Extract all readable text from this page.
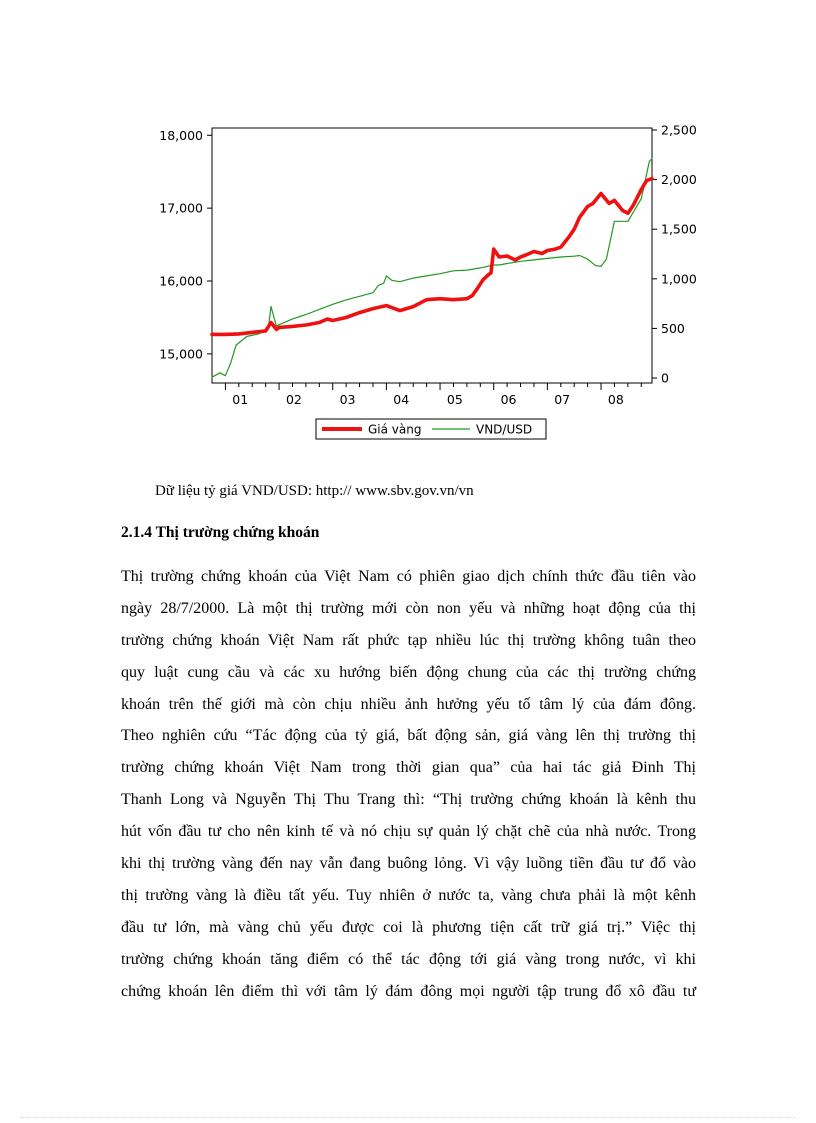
15,000
16,000
17,000
18,000
0
500
1,000
1,500
2,000
2,500
01	02	03	04	05	06	07	08
Giá vàng	VND/USD
Dữ liệu tỷ giá VND/USD: http:// www.sbv.gov.vn/vn
2.1.4 Thị trường chứng khoán
Thị trường chứng khoán của Việt Nam có phiên giao dịch chính thức đầu tiên vào
ngày 28/7/2000. Là một thị trường mới còn non yếu và những hoạt động của thị
trường chứng khoán Việt Nam rất phức tạp nhiều lúc thị trường không tuân theo
quy luật cung cầu và các xu hướng biến động chung của các thị trường chứng
khoán trên thế giới mà còn chịu nhiều ảnh hưởng yếu tố tâm lý của đám đông.
Theo nghiên cứu “Tác động của tỷ giá, bất động sản, giá vàng lên thị trường thị
trường chứng khoán Việt Nam trong thời gian qua” của hai tác giả Đinh Thị
Thanh Long và Nguyễn Thị Thu Trang thì: “Thị trường chứng khoán là kênh thu
hút vốn đầu tư cho nên kinh tế và nó chịu sự quản lý chặt chẽ của nhà nước. Trong
khi thị trường vàng đến nay vẫn đang buông lỏng. Vì vậy luồng tiền đầu tư đổ vào
thị trường vàng là điều tất yếu. Tuy nhiên ở nước ta, vàng chưa phải là một kênh
đầu tư lớn, mà vàng chủ yếu được coi là phương tiện cất trữ giá trị.” Việc thị
trường chứng khoán tăng điểm có thể tác động tới giá vàng trong nước, vì khi
chứng khoán lên điểm thì với tâm lý đám đông mọi người tập trung đổ xô đầu tư
